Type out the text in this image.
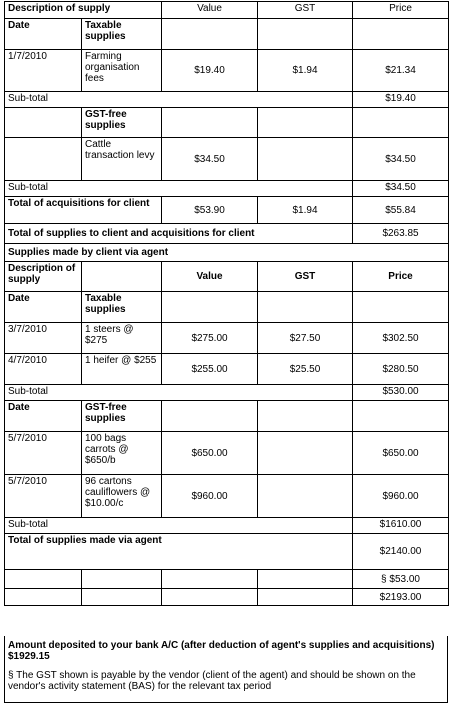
Description of supply		Value	GST	Price
Date	Taxable supplies			
1/7/2010	Farming organisation fees	$19.40	$1.94	$21.34
Sub-total				$19.40
	GST-free supplies			
	Cattle transaction levy	$34.50		$34.50
Sub-total				$34.50
Total of acquisitions for client		$53.90	$1.94	$55.84
Total of supplies to client and acquisitions for client				$263.85
Supplies made by client via agent				
Description of supply		Value	GST	Price
Date	Taxable supplies			
3/7/2010	1 steers @ $275	$275.00	$27.50	$302.50
4/7/2010	1 heifer @ $255	$255.00	$25.50	$280.50
Sub-total				$530.00
Date	GST-free supplies			
5/7/2010	100 bags carrots @ $650/b	$650.00		$650.00
5/7/2010	96 cartons cauliflowers @ $10.00/c	$960.00		$960.00
Sub-total				$1610.00
Total of supplies made via agent				$2140.00
				§ $53.00
				$2193.00

Amount deposited to your bank A/C (after deduction of agent's supplies and acquisitions) $1929.15

§ The GST shown is payable by the vendor (client of the agent) and should be shown on the vendor's activity statement (BAS) for the relevant tax period
